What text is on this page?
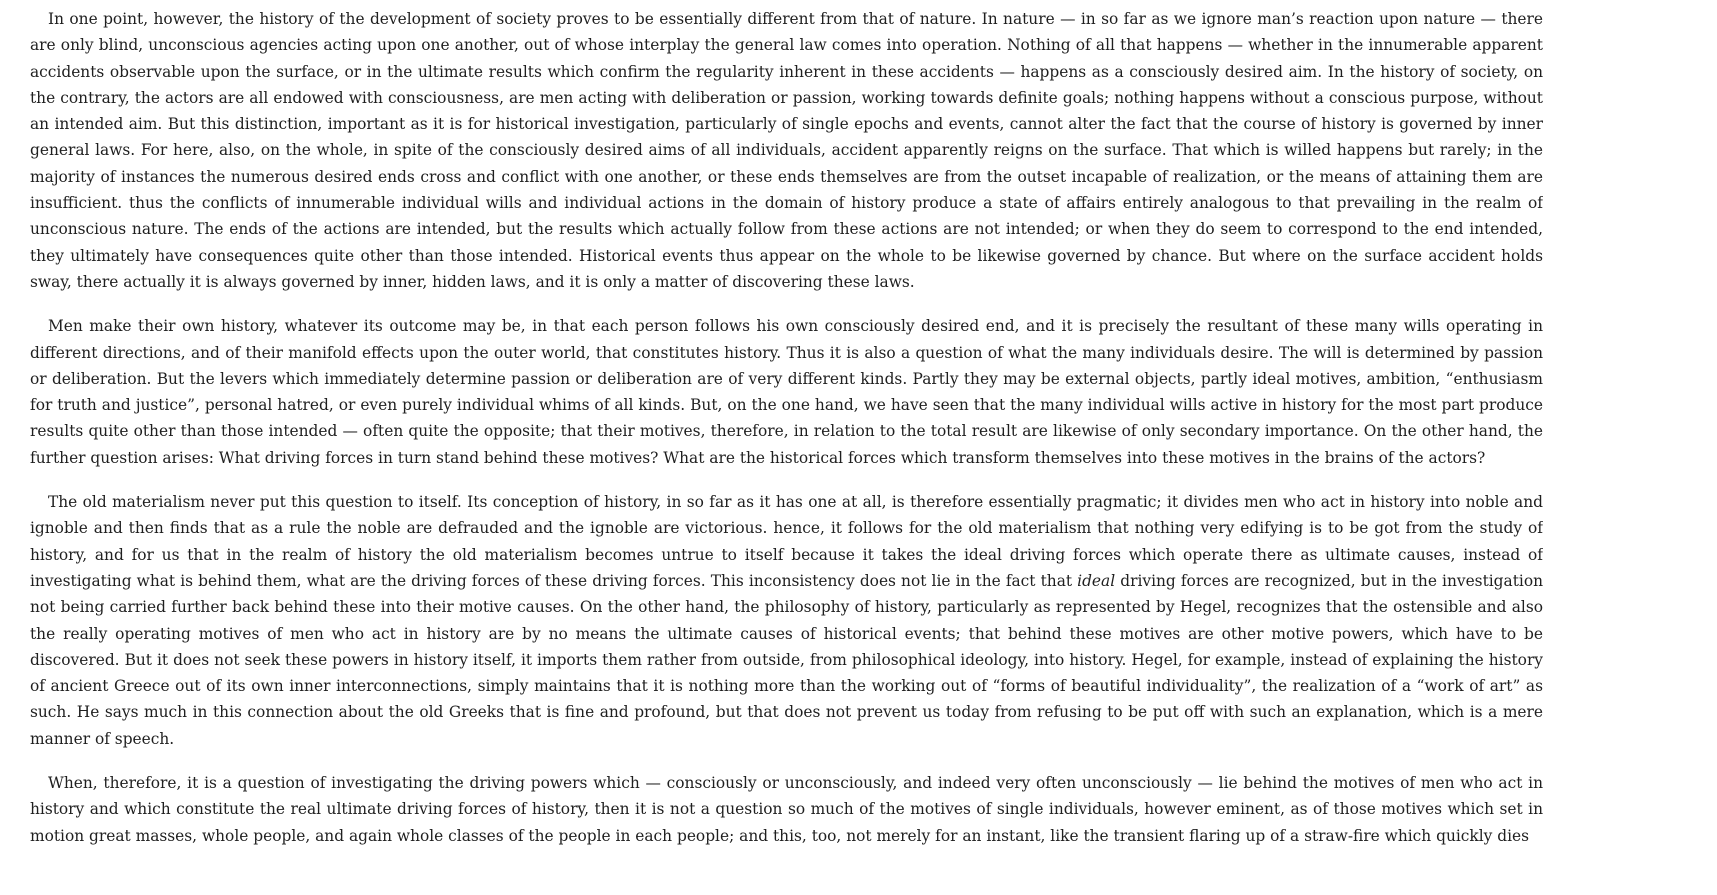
In one point, however, the history of the development of society proves to be essentially different from that of nature. In nature — in so far as we ignore man’s reaction upon nature — there are only blind, unconscious agencies acting upon one another, out of whose interplay the general law comes into operation. Nothing of all that happens — whether in the innumerable apparent accidents observable upon the surface, or in the ultimate results which confirm the regularity inherent in these accidents — happens as a consciously desired aim. In the history of society, on the contrary, the actors are all endowed with consciousness, are men acting with deliberation or passion, working towards definite goals; nothing happens without a conscious purpose, without an intended aim. But this distinction, important as it is for historical investigation, particularly of single epochs and events, cannot alter the fact that the course of history is governed by inner general laws. For here, also, on the whole, in spite of the consciously desired aims of all individuals, accident apparently reigns on the surface. That which is willed happens but rarely; in the majority of instances the numerous desired ends cross and conflict with one another, or these ends themselves are from the outset incapable of realization, or the means of attaining them are insufficient. thus the conflicts of innumerable individual wills and individual actions in the domain of history produce a state of affairs entirely analogous to that prevailing in the realm of unconscious nature. The ends of the actions are intended, but the results which actually follow from these actions are not intended; or when they do seem to correspond to the end intended, they ultimately have consequences quite other than those intended. Historical events thus appear on the whole to be likewise governed by chance. But where on the surface accident holds sway, there actually it is always governed by inner, hidden laws, and it is only a matter of discovering these laws.

Men make their own history, whatever its outcome may be, in that each person follows his own consciously desired end, and it is precisely the resultant of these many wills operating in different directions, and of their manifold effects upon the outer world, that constitutes history. Thus it is also a question of what the many individuals desire. The will is determined by passion or deliberation. But the levers which immediately determine passion or deliberation are of very different kinds. Partly they may be external objects, partly ideal motives, ambition, “enthusiasm for truth and justice”, personal hatred, or even purely individual whims of all kinds. But, on the one hand, we have seen that the many individual wills active in history for the most part produce results quite other than those intended — often quite the opposite; that their motives, therefore, in relation to the total result are likewise of only secondary importance. On the other hand, the further question arises: What driving forces in turn stand behind these motives? What are the historical forces which transform themselves into these motives in the brains of the actors?

The old materialism never put this question to itself. Its conception of history, in so far as it has one at all, is therefore essentially pragmatic; it divides men who act in history into noble and ignoble and then finds that as a rule the noble are defrauded and the ignoble are victorious. hence, it follows for the old materialism that nothing very edifying is to be got from the study of history, and for us that in the realm of history the old materialism becomes untrue to itself because it takes the ideal driving forces which operate there as ultimate causes, instead of investigating what is behind them, what are the driving forces of these driving forces. This inconsistency does not lie in the fact that ideal driving forces are recognized, but in the investigation not being carried further back behind these into their motive causes. On the other hand, the philosophy of history, particularly as represented by Hegel, recognizes that the ostensible and also the really operating motives of men who act in history are by no means the ultimate causes of historical events; that behind these motives are other motive powers, which have to be discovered. But it does not seek these powers in history itself, it imports them rather from outside, from philosophical ideology, into history. Hegel, for example, instead of explaining the history of ancient Greece out of its own inner interconnections, simply maintains that it is nothing more than the working out of “forms of beautiful individuality”, the realization of a “work of art” as such. He says much in this connection about the old Greeks that is fine and profound, but that does not prevent us today from refusing to be put off with such an explanation, which is a mere manner of speech.

When, therefore, it is a question of investigating the driving powers which — consciously or unconsciously, and indeed very often unconsciously — lie behind the motives of men who act in history and which constitute the real ultimate driving forces of history, then it is not a question so much of the motives of single individuals, however eminent, as of those motives which set in motion great masses, whole people, and again whole classes of the people in each people; and this, too, not merely for an instant, like the transient flaring up of a straw-fire which quickly dies
